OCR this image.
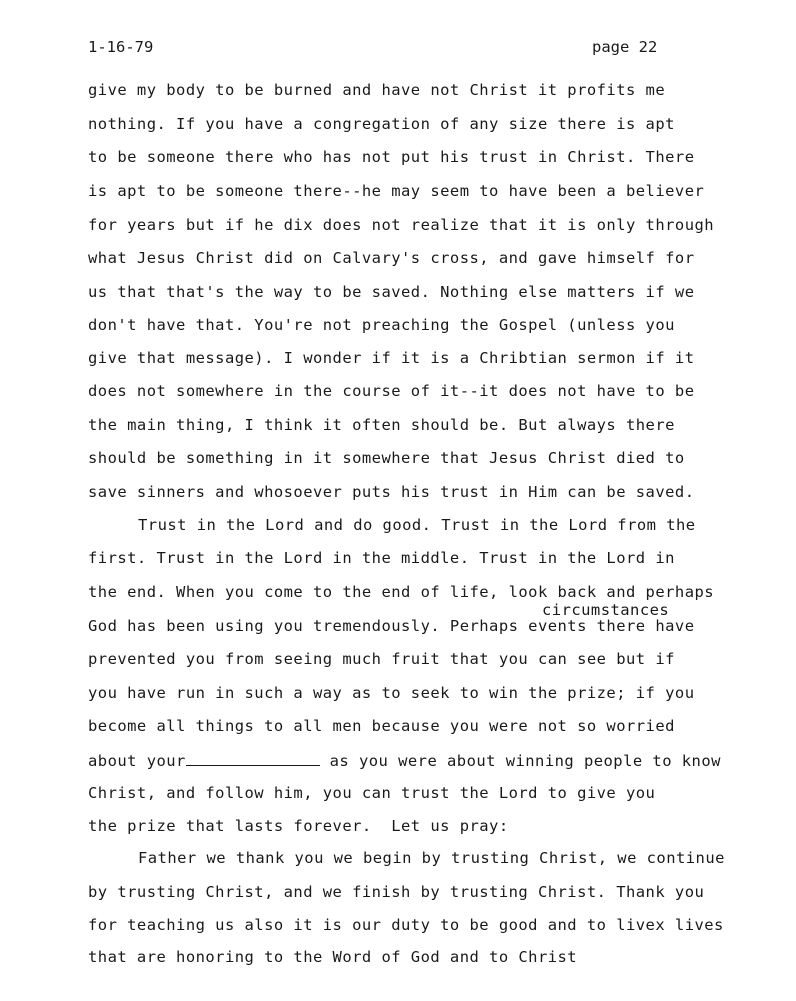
1-16-79	page 22
give my body to be burned and have not Christ it profits me
nothing. If you have a congregation of any size there is apt
to be someone there who has not put his trust in Christ. There
is apt to be someone there--he may seem to have been a believer
for years but if he dix does not realize that it is only through
what Jesus Christ did on Calvary's cross, and gave himself for
us that that's the way to be saved. Nothing else matters if we
don't have that. You're not preaching the Gospel (unless you
give that message). I wonder if it is a Chribtian sermon if it
does not somewhere in the course of it--it does not have to be
the main thing, I think it often should be. But always there
should be something in it somewhere that Jesus Christ died to
save sinners and whosoever puts his trust in Him can be saved.
Trust in the Lord and do good. Trust in the Lord from the
first. Trust in the Lord in the middle. Trust in the Lord in
the end. When you come to the end of life, look back and perhaps
circumstances
God has been using you tremendously. Perhaps events there have
prevented you from seeing much fruit that you can see but if
you have run in such a way as to seek to win the prize; if you
become all things to all men because you were not so worried
about your	as you were about winning people to know
Christ, and follow him, you can trust the Lord to give you
the prize that lasts forever.  Let us pray:
Father we thank you we begin by trusting Christ, we continue
by trusting Christ, and we finish by trusting Christ. Thank you
for teaching us also it is our duty to be good and to livex lives
that are honoring to the Word of God and to Christ
